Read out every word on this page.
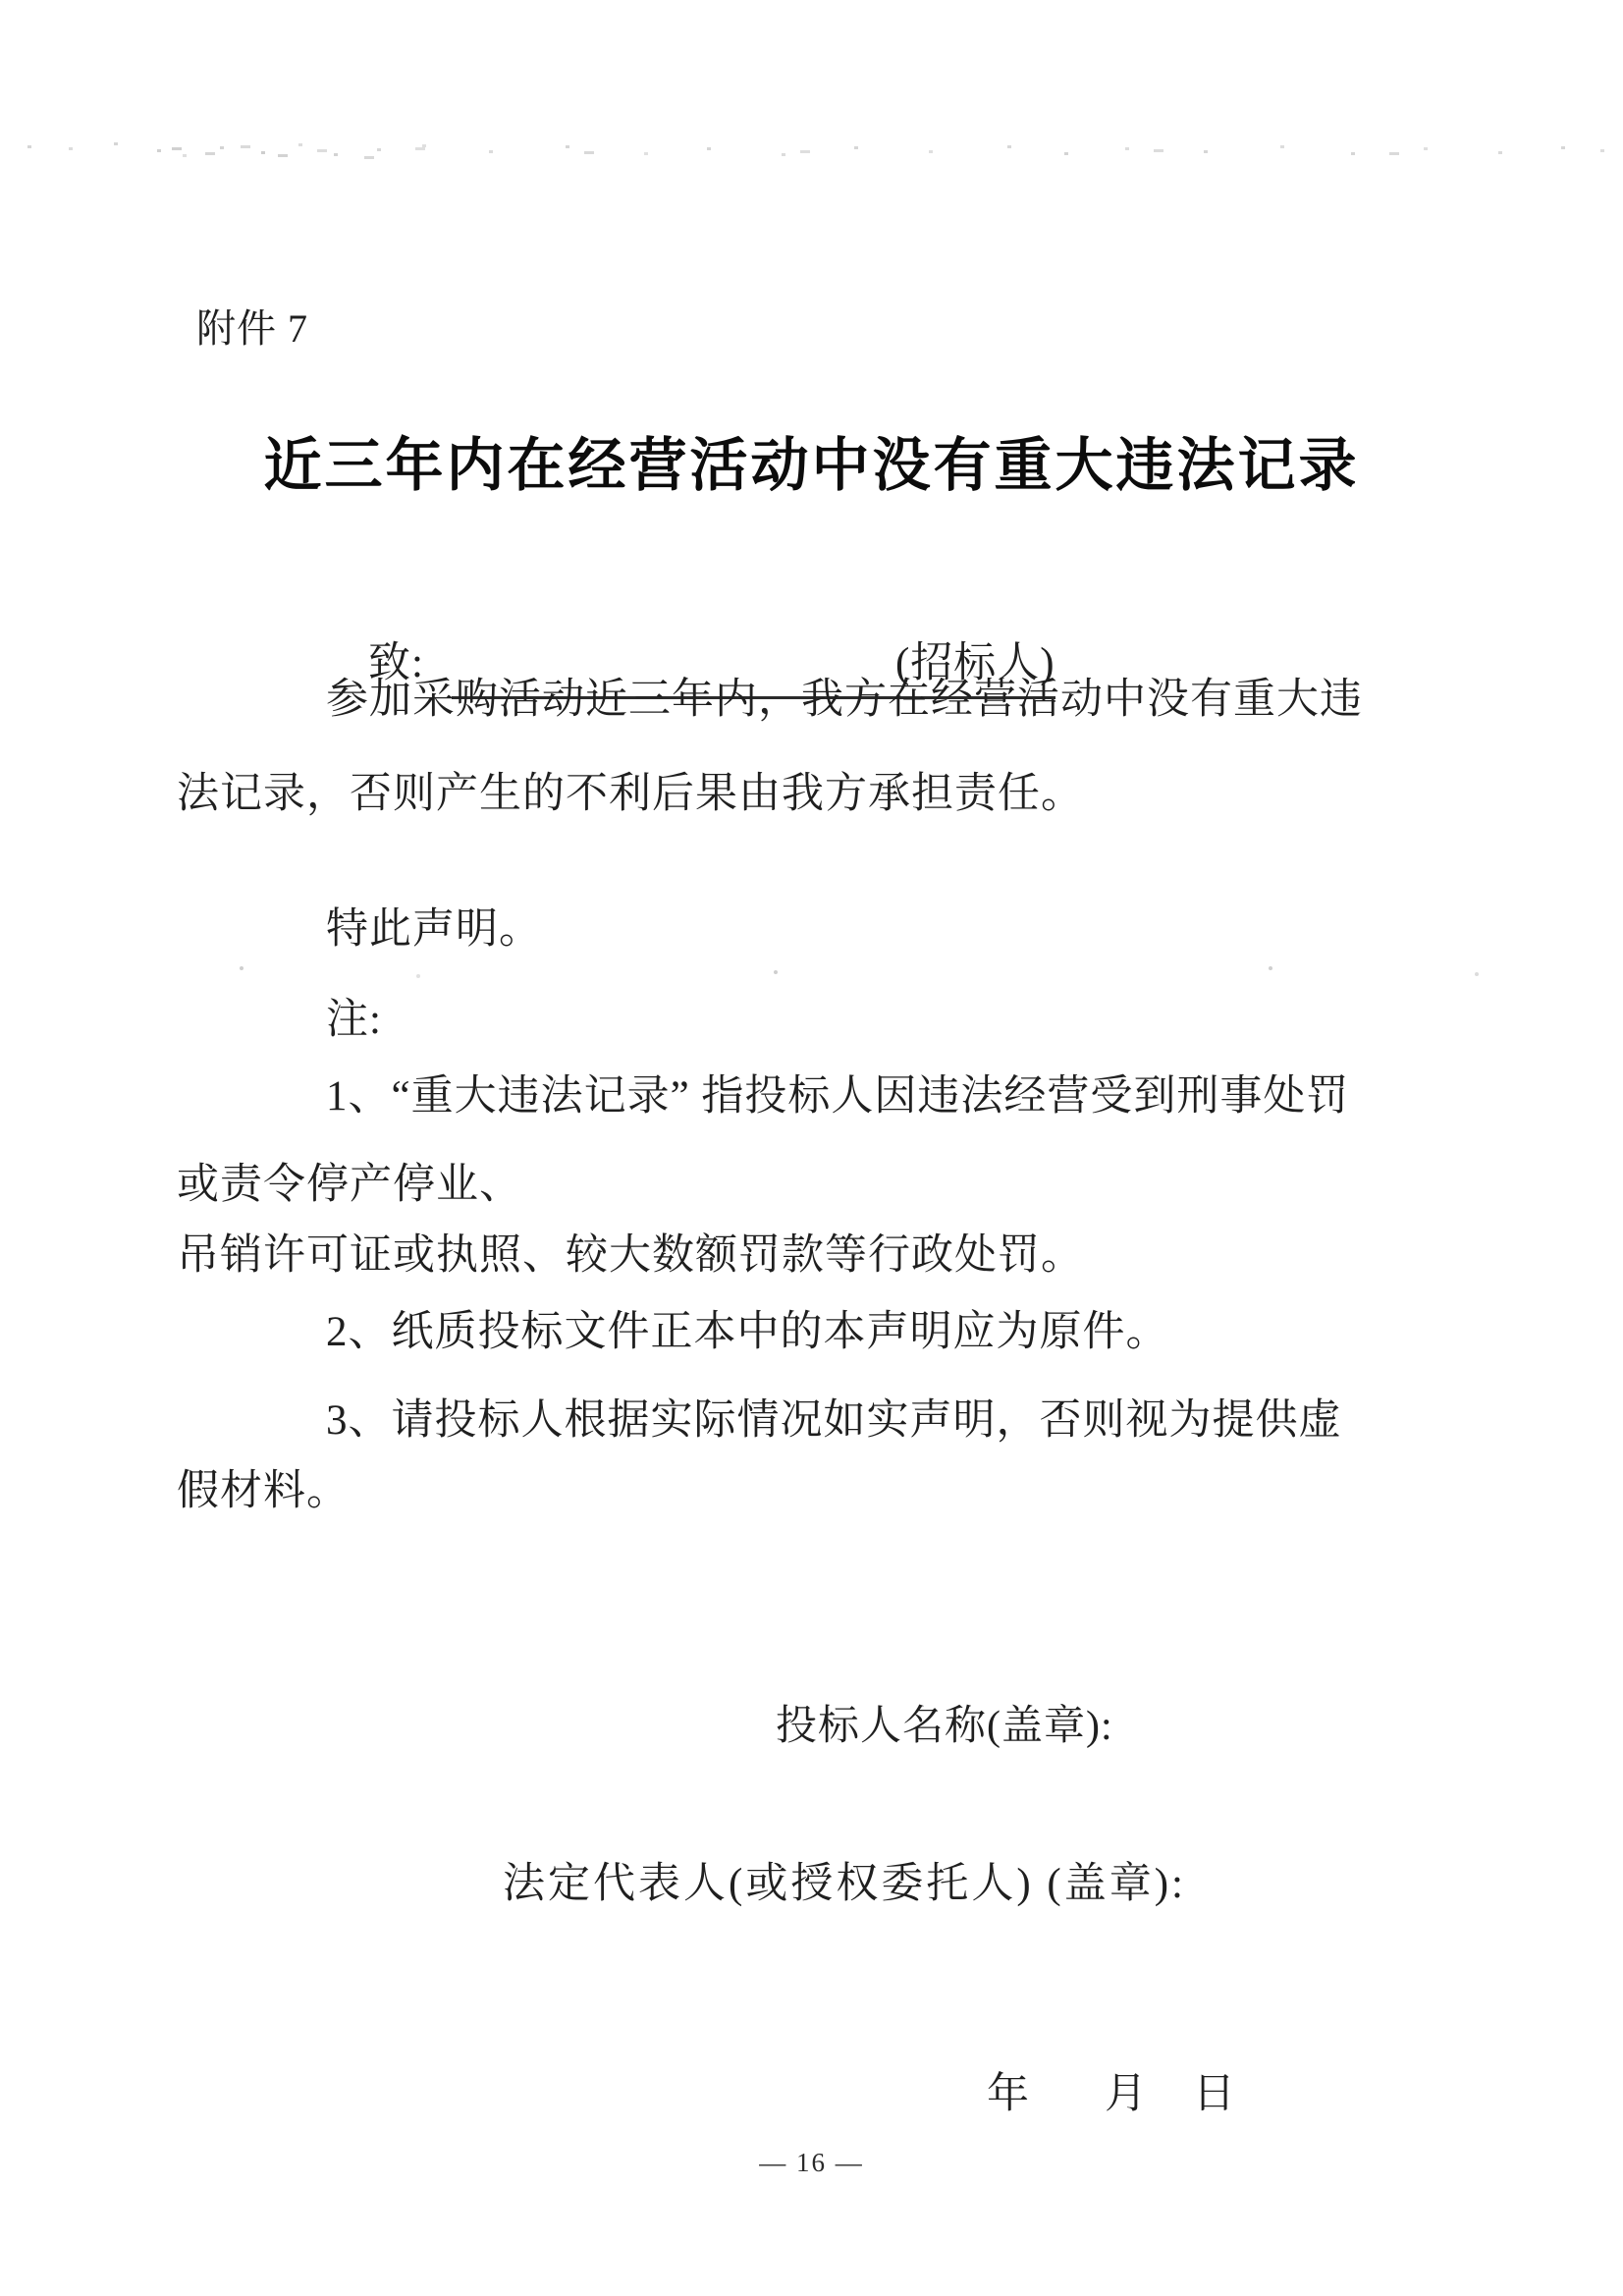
附件 7
近三年内在经营活动中没有重大违法记录

致:	(招标人)

参加采购活动近三年内，我方在经营活动中没有重大违
法记录，否则产生的不利后果由我方承担责任。
特此声明。
注:
1、“重大违法记录” 指投标人因违法经营受到刑事处罚
或责令停产停业、
吊销许可证或执照、较大数额罚款等行政处罚。
2、纸质投标文件正本中的本声明应为原件。
3、请投标人根据实际情况如实声明，否则视为提供虚
假材料。
投标人名称(盖章):
法定代表人(或授权委托人) (盖章):

年 月 日

— 16 —
